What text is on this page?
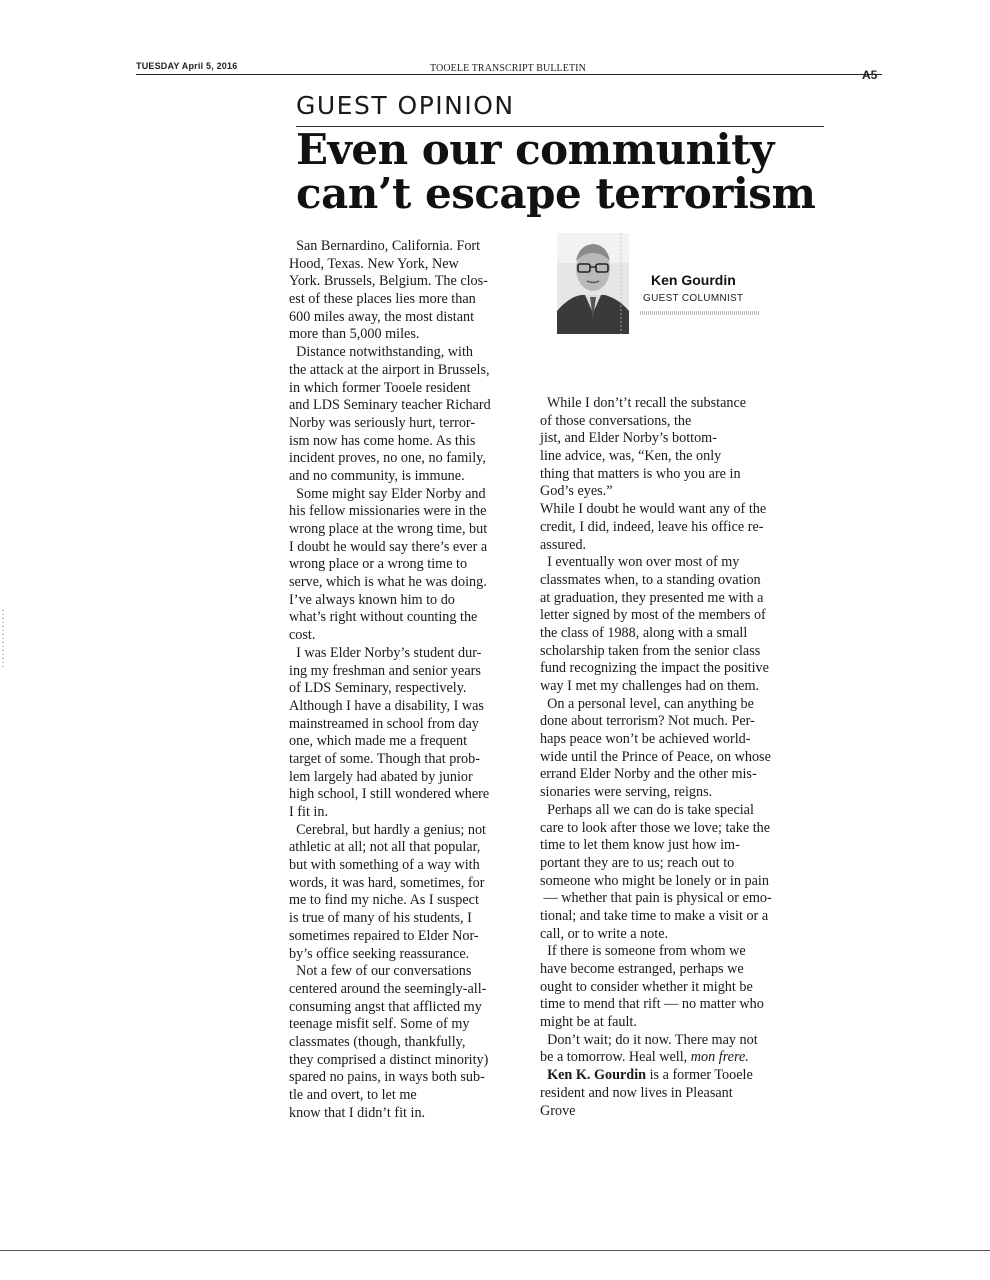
TUESDAY April 5, 2016	TOOELE TRANSCRIPT BULLETIN	A5
GUEST OPINION
Even our community
can’t escape terrorism
Ken Gourdin
GUEST COLUMNIST
San Bernardino, California. Fort
Hood, Texas. New York, New
York. Brussels, Belgium. The clos-
est of these places lies more than
600 miles away, the most distant
more than 5,000 miles.
Distance notwithstanding, with
the attack at the airport in Brussels,
in which former Tooele resident
and LDS Seminary teacher Richard
Norby was seriously hurt, terror-
ism now has come home. As this
incident proves, no one, no family,
and no community, is immune.
Some might say Elder Norby and
his fellow missionaries were in the
wrong place at the wrong time, but
I doubt he would say there’s ever a
wrong place or a wrong time to
serve, which is what he was doing.
I’ve always known him to do
what’s right without counting the
cost.
I was Elder Norby’s student dur-
ing my freshman and senior years
of LDS Seminary, respectively.
Although I have a disability, I was
mainstreamed in school from day
one, which made me a frequent
target of some. Though that prob-
lem largely had abated by junior
high school, I still wondered where
I fit in.
Cerebral, but hardly a genius; not
athletic at all; not all that popular,
but with something of a way with
words, it was hard, sometimes, for
me to find my niche. As I suspect
is true of many of his students, I
sometimes repaired to Elder Nor-
by’s office seeking reassurance.
Not a few of our conversations
centered around the seemingly-all-
consuming angst that afflicted my
teenage misfit self. Some of my
classmates (though, thankfully,
they comprised a distinct minority)
spared no pains, in ways both sub-
tle and overt, to let me
know that I didn’t fit in.
While I don’t’t recall the substance
of those conversations, the
jist, and Elder Norby’s bottom-
line advice, was, “Ken, the only
thing that matters is who you are in
God’s eyes.”
While I doubt he would want any of the
credit, I did, indeed, leave his office re-
assured.
I eventually won over most of my
classmates when, to a standing ovation
at graduation, they presented me with a
letter signed by most of the members of
the class of 1988, along with a small
scholarship taken from the senior class
fund recognizing the impact the positive
way I met my challenges had on them.
On a personal level, can anything be
done about terrorism? Not much. Per-
haps peace won’t be achieved world-
wide until the Prince of Peace, on whose
errand Elder Norby and the other mis-
sionaries were serving, reigns.
Perhaps all we can do is take special
care to look after those we love; take the
time to let them know just how im-
portant they are to us; reach out to
someone who might be lonely or in pain
— whether that pain is physical or emo-
tional; and take time to make a visit or a
call, or to write a note.
If there is someone from whom we
have become estranged, perhaps we
ought to consider whether it might be
time to mend that rift — no matter who
might be at fault.
Don’t wait; do it now. There may not
be a tomorrow. Heal well, mon frere.
Ken K. Gourdin is a former Tooele
resident and now lives in Pleasant
Grove
